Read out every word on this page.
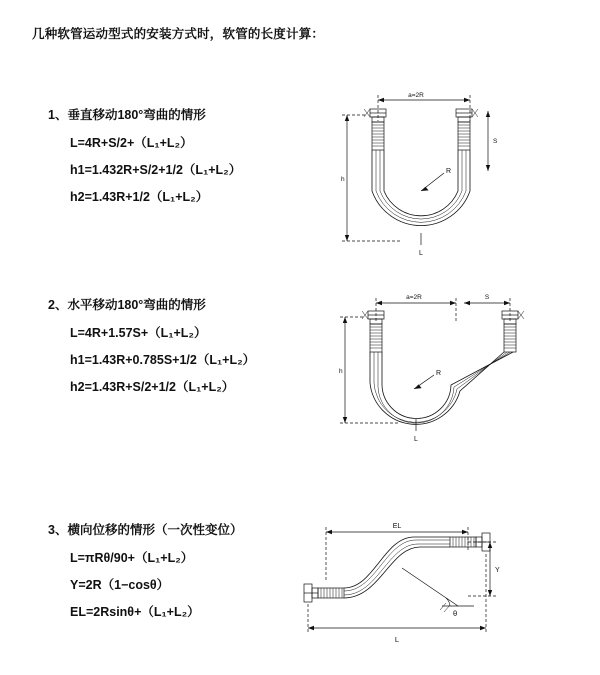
几种软管运动型式的安装方式时，软管的长度计算：
1、垂直移动180°弯曲的情形
L=4R+S/2+（L₁+L₂）
h1=1.432R+S/2+1/2（L₁+L₂）
h2=1.43R+1/2（L₁+L₂）
a=2R
S
h
R
L
2、水平移动180°弯曲的情形
L=4R+1.57S+（L₁+L₂）
h1=1.43R+0.785S+1/2（L₁+L₂）
h2=1.43R+S/2+1/2（L₁+L₂）
a=2R	S
h	R
L
3、横向位移的情形（一次性变位）
L=πRθ/90+（L₁+L₂）
Y=2R（1−cosθ）
EL=2Rsinθ+（L₁+L₂）
EL
Y
θ
L
